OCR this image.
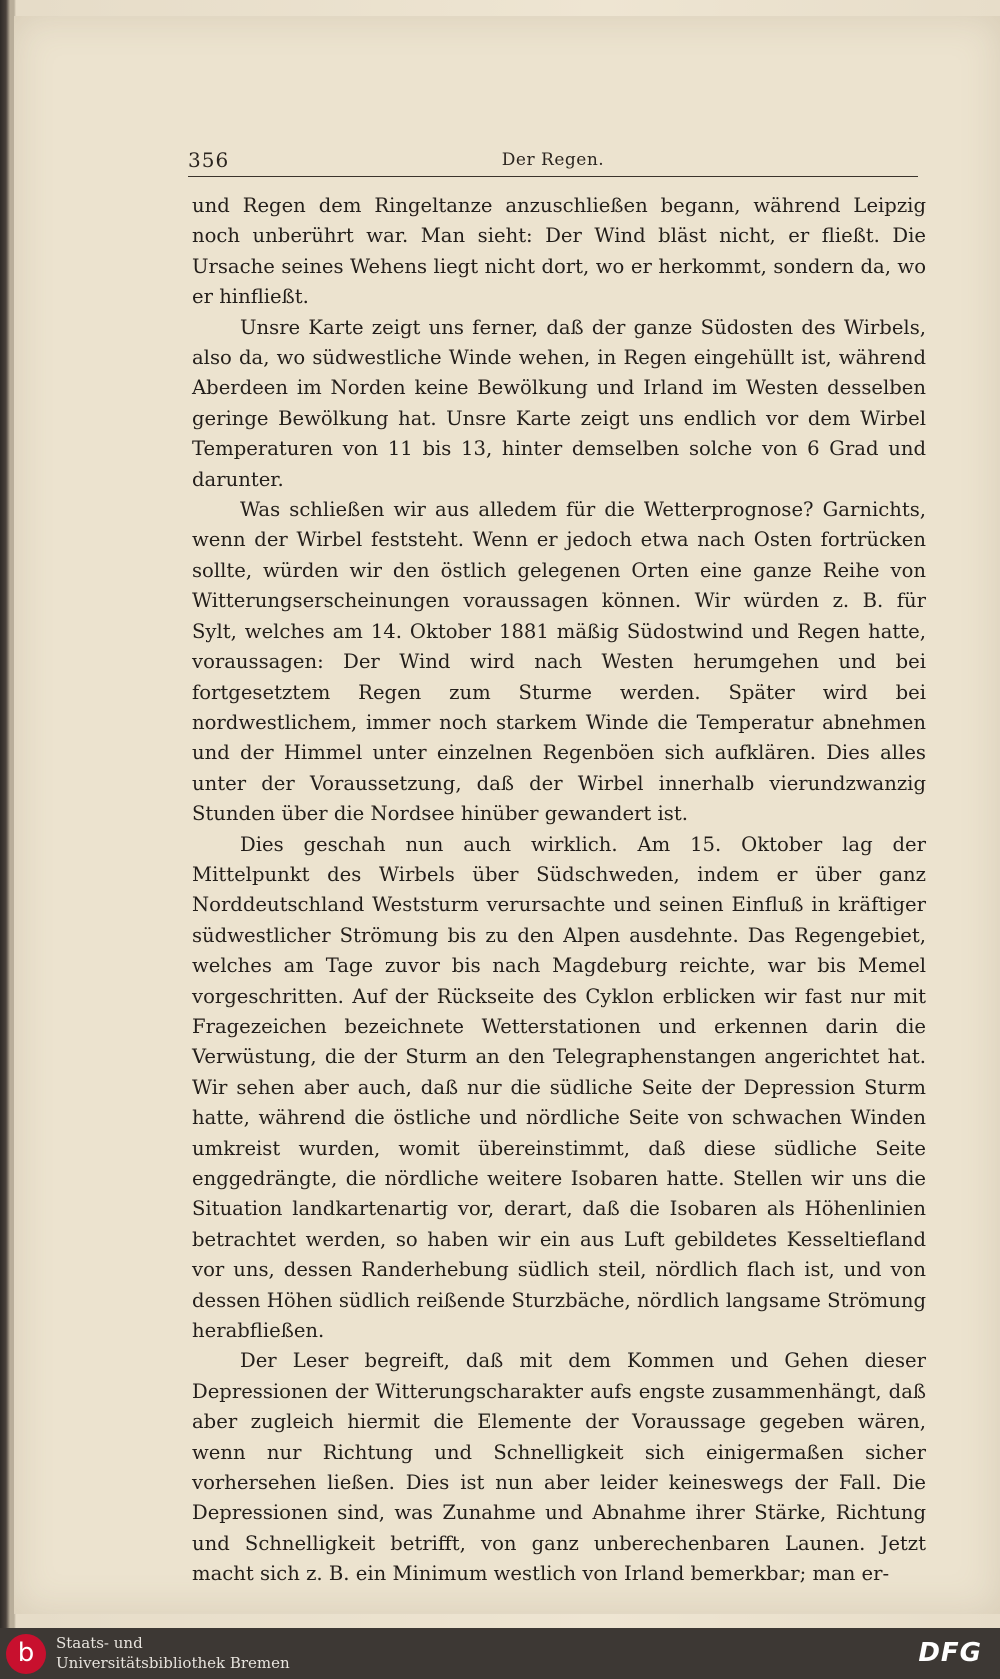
356	Der Regen.

und Regen dem Ringeltanze anzuschließen begann, während Leipzig noch unberührt war. Man sieht: Der Wind bläst nicht, er fließt. Die Ursache seines Wehens liegt nicht dort, wo er herkommt, sondern da, wo er hinfließt.

Unsre Karte zeigt uns ferner, daß der ganze Südosten des Wirbels, also da, wo südwestliche Winde wehen, in Regen eingehüllt ist, während Aberdeen im Norden keine Bewölkung und Irland im Westen desselben geringe Bewölkung hat. Unsre Karte zeigt uns endlich vor dem Wirbel Temperaturen von 11 bis 13, hinter demselben solche von 6 Grad und darunter.

Was schließen wir aus alledem für die Wetterprognose? Garnichts, wenn der Wirbel feststeht. Wenn er jedoch etwa nach Osten fortrücken sollte, würden wir den östlich gelegenen Orten eine ganze Reihe von Witterungserscheinungen voraussagen können. Wir würden z. B. für Sylt, welches am 14. Oktober 1881 mäßig Südostwind und Regen hatte, voraussagen: Der Wind wird nach Westen herumgehen und bei fortgesetztem Regen zum Sturme werden. Später wird bei nordwestlichem, immer noch starkem Winde die Temperatur abnehmen und der Himmel unter einzelnen Regenböen sich aufklären. Dies alles unter der Voraussetzung, daß der Wirbel innerhalb vierundzwanzig Stunden über die Nordsee hinüber gewandert ist.

Dies geschah nun auch wirklich. Am 15. Oktober lag der Mittelpunkt des Wirbels über Südschweden, indem er über ganz Norddeutschland Weststurm verursachte und seinen Einfluß in kräftiger südwestlicher Strömung bis zu den Alpen ausdehnte. Das Regengebiet, welches am Tage zuvor bis nach Magdeburg reichte, war bis Memel vorgeschritten. Auf der Rückseite des Cyklon erblicken wir fast nur mit Fragezeichen bezeichnete Wetterstationen und erkennen darin die Verwüstung, die der Sturm an den Telegraphenstangen angerichtet hat. Wir sehen aber auch, daß nur die südliche Seite der Depression Sturm hatte, während die östliche und nördliche Seite von schwachen Winden umkreist wurden, womit übereinstimmt, daß diese südliche Seite enggedrängte, die nördliche weitere Isobaren hatte. Stellen wir uns die Situation landkartenartig vor, derart, daß die Isobaren als Höhenlinien betrachtet werden, so haben wir ein aus Luft gebildetes Kesseltiefland vor uns, dessen Randerhebung südlich steil, nördlich flach ist, und von dessen Höhen südlich reißende Sturzbäche, nördlich langsame Strömung herabfließen.

Der Leser begreift, daß mit dem Kommen und Gehen dieser Depressionen der Witterungscharakter aufs engste zusammenhängt, daß aber zugleich hiermit die Elemente der Voraussage gegeben wären, wenn nur Richtung und Schnelligkeit sich einigermaßen sicher vorhersehen ließen. Dies ist nun aber leider keineswegs der Fall. Die Depressionen sind, was Zunahme und Abnahme ihrer Stärke, Richtung und Schnelligkeit betrifft, von ganz unberechenbaren Launen. Jetzt macht sich z. B. ein Minimum westlich von Irland bemerkbar; man er-

b	Staats- und
Universitätsbibliothek Bremen	DFG
